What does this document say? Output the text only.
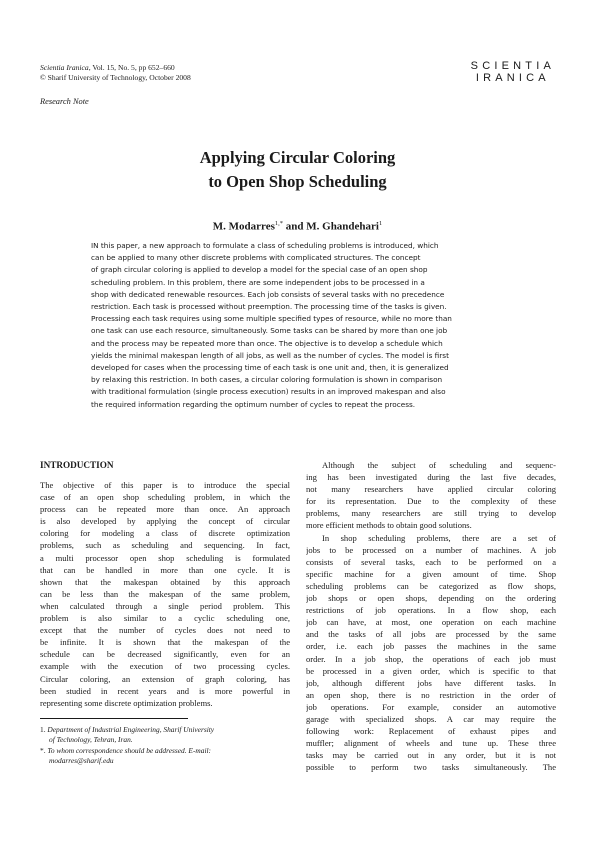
Scientia Iranica, Vol. 15, No. 5, pp 652–660
© Sharif University of Technology, October 2008
SCIENTIA
IRANICA
Research Note
Applying Circular Coloring
to Open Shop Scheduling
M. Modarres$^{1,*}$ and M. Ghandehari$^1$
IN this paper, a new approach to formulate a class of scheduling problems is introduced, which
can be applied to many other discrete problems with complicated structures. The concept
of graph circular coloring is applied to develop a model for the special case of an open shop
scheduling problem. In this problem, there are some independent jobs to be processed in a
shop with dedicated renewable resources. Each job consists of several tasks with no precedence
restriction. Each task is processed without preemption. The processing time of the tasks is given.
Processing each task requires using some multiple specified types of resource, while no more than
one task can use each resource, simultaneously. Some tasks can be shared by more than one job
and the process may be repeated more than once. The objective is to develop a schedule which
yields the minimal makespan length of all jobs, as well as the number of cycles. The model is first
developed for cases when the processing time of each task is one unit and, then, it is generalized
by relaxing this restriction. In both cases, a circular coloring formulation is shown in comparison
with traditional formulation (single process execution) results in an improved makespan and also
the required information regarding the optimum number of cycles to repeat the process.
INTRODUCTION
The objective of this paper is to introduce the special
case of an open shop scheduling problem, in which the
process can be repeated more than once. An approach
is also developed by applying the concept of circular
coloring for modeling a class of discrete optimization
problems, such as scheduling and sequencing. In fact,
a multi processor open shop scheduling is formulated
that can be handled in more than one cycle. It is
shown that the makespan obtained by this approach
can be less than the makespan of the same problem,
when calculated through a single period problem. This
problem is also similar to a cyclic scheduling one,
except that the number of cycles does not need to
be infinite. It is shown that the makespan of the
schedule can be decreased significantly, even for an
example with the execution of two processing cycles.
Circular coloring, an extension of graph coloring, has
been studied in recent years and is more powerful in
representing some discrete optimization problems.
1. Department of Industrial Engineering, Sharif University
of Technology, Tehran, Iran.
*. To whom correspondence should be addressed. E-mail:
modarres@sharif.edu
Although the subject of scheduling and sequenc-
ing has been investigated during the last five decades,
not many researchers have applied circular coloring
for its representation. Due to the complexity of these
problems, many researchers are still trying to develop
more efficient methods to obtain good solutions.
In shop scheduling problems, there are a set of
jobs to be processed on a number of machines. A job
consists of several tasks, each to be performed on a
specific machine for a given amount of time. Shop
scheduling problems can be categorized as flow shops,
job shops or open shops, depending on the ordering
restrictions of job operations. In a flow shop, each
job can have, at most, one operation on each machine
and the tasks of all jobs are processed by the same
order, i.e. each job passes the machines in the same
order. In a job shop, the operations of each job must
be processed in a given order, which is specific to that
job, although different jobs have different tasks. In
an open shop, there is no restriction in the order of
job operations. For example, consider an automotive
garage with specialized shops. A car may require the
following work: Replacement of exhaust pipes and
muffler; alignment of wheels and tune up. These three
tasks may be carried out in any order, but it is not
possible to perform two tasks simultaneously. The
